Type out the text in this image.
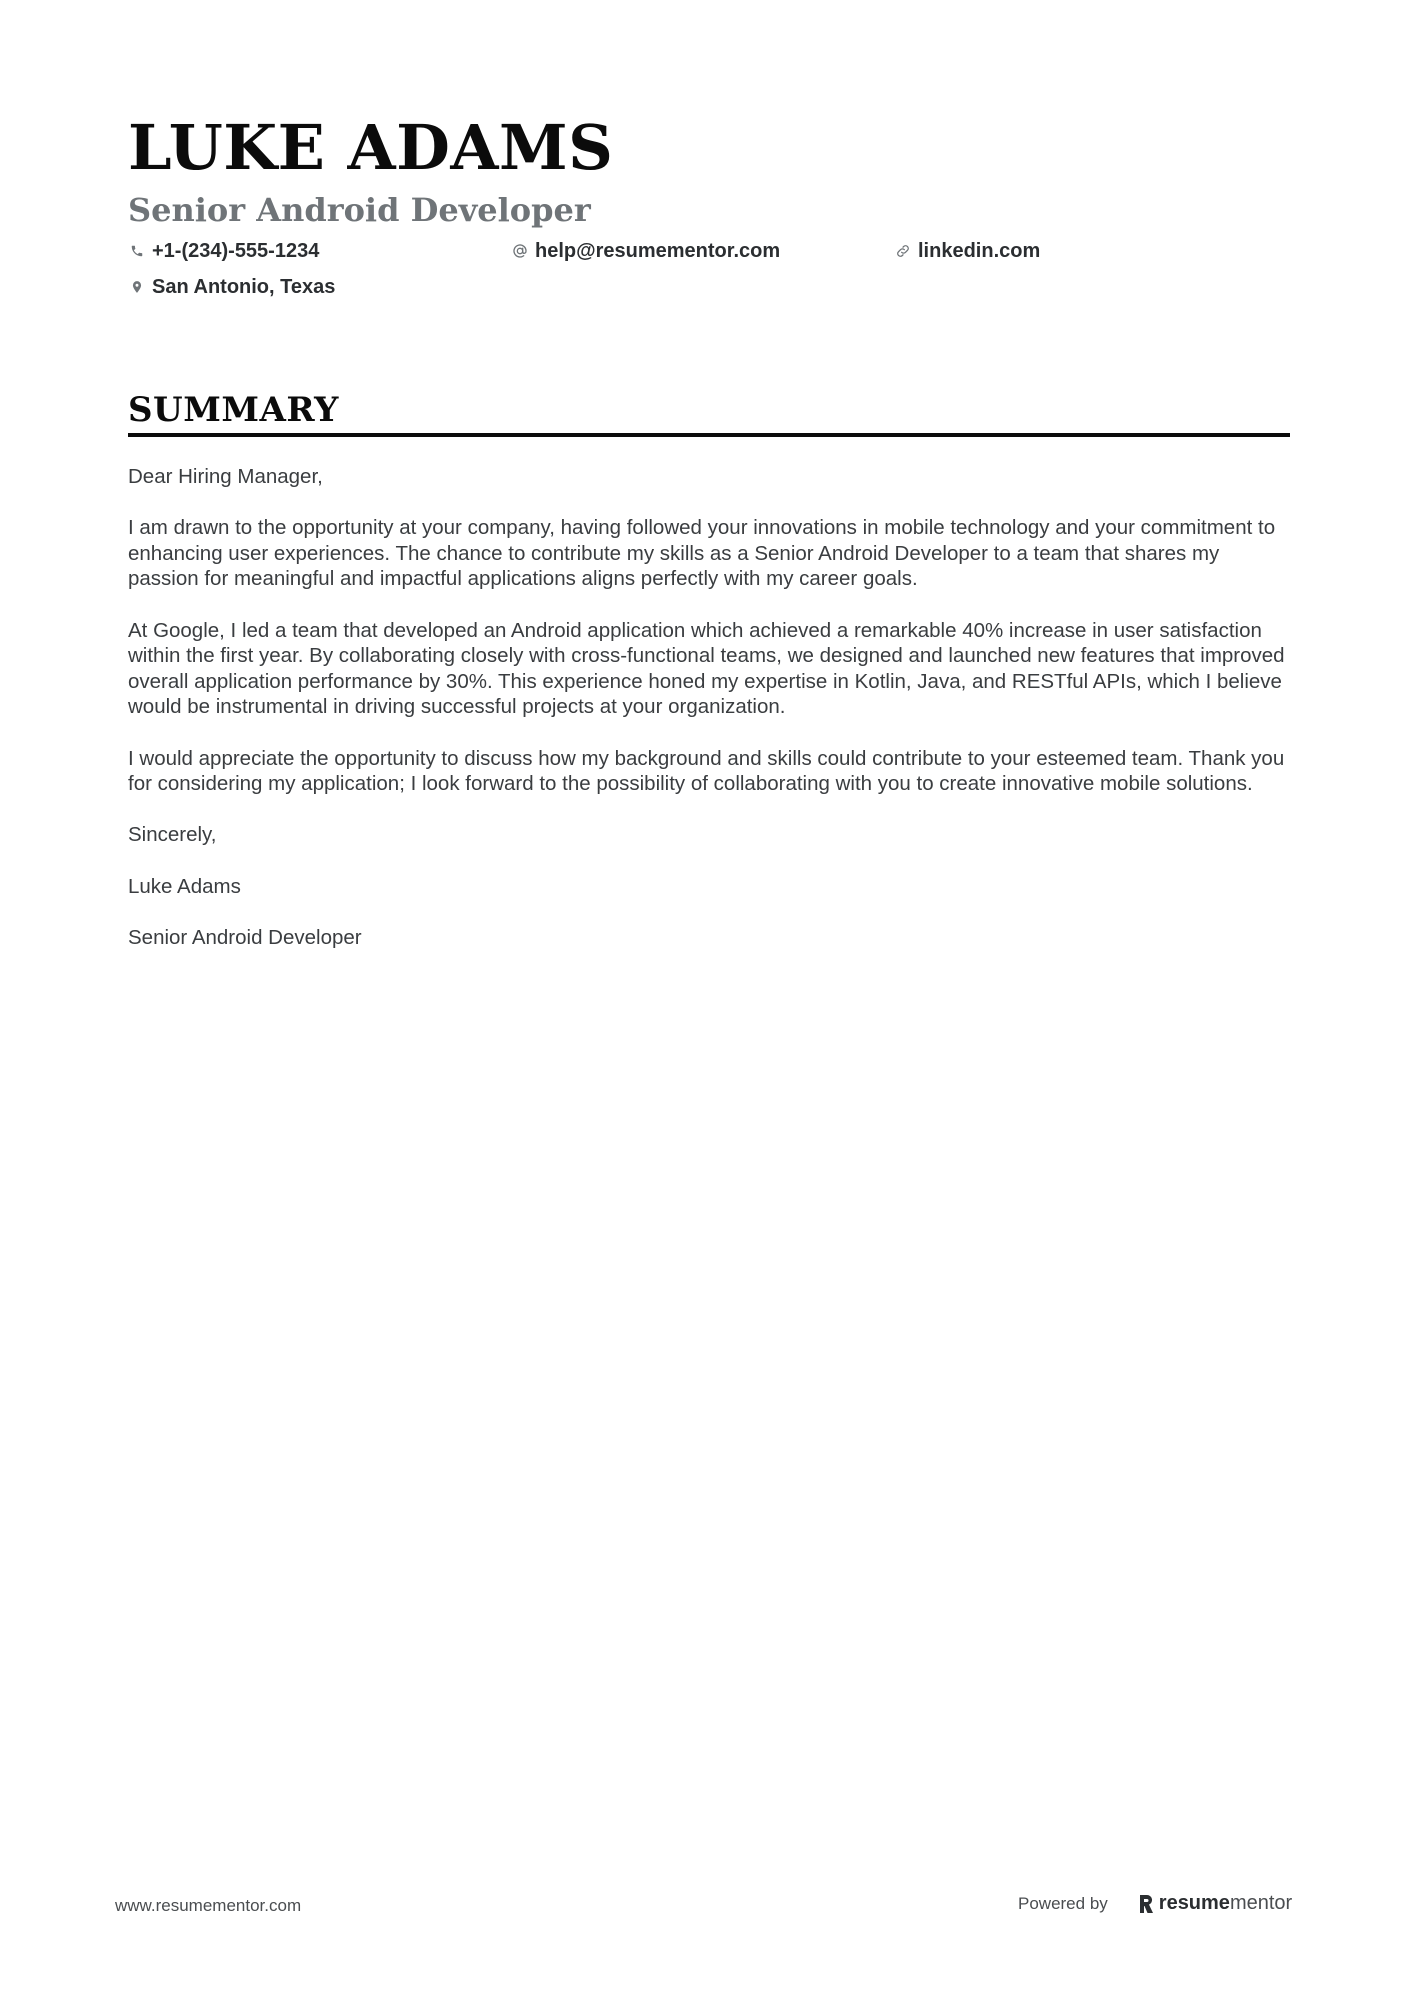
LUKE ADAMS
Senior Android Developer
+1-(234)-555-1234	help@resumementor.com	linkedin.com
San Antonio, Texas
SUMMARY

Dear Hiring Manager,

I am drawn to the opportunity at your company, having followed your innovations in mobile technology and your commitment to enhancing user experiences. The chance to contribute my skills as a Senior Android Developer to a team that shares my passion for meaningful and impactful applications aligns perfectly with my career goals.

At Google, I led a team that developed an Android application which achieved a remarkable 40% increase in user satisfaction within the first year. By collaborating closely with cross-functional teams, we designed and launched new features that improved overall application performance by 30%. This experience honed my expertise in Kotlin, Java, and RESTful APIs, which I believe would be instrumental in driving successful projects at your organization.

I would appreciate the opportunity to discuss how my background and skills could contribute to your esteemed team. Thank you for considering my application; I look forward to the possibility of collaborating with you to create innovative mobile solutions.

Sincerely,

Luke Adams

Senior Android Developer

www.resumementor.com	Powered by	resume mentor
